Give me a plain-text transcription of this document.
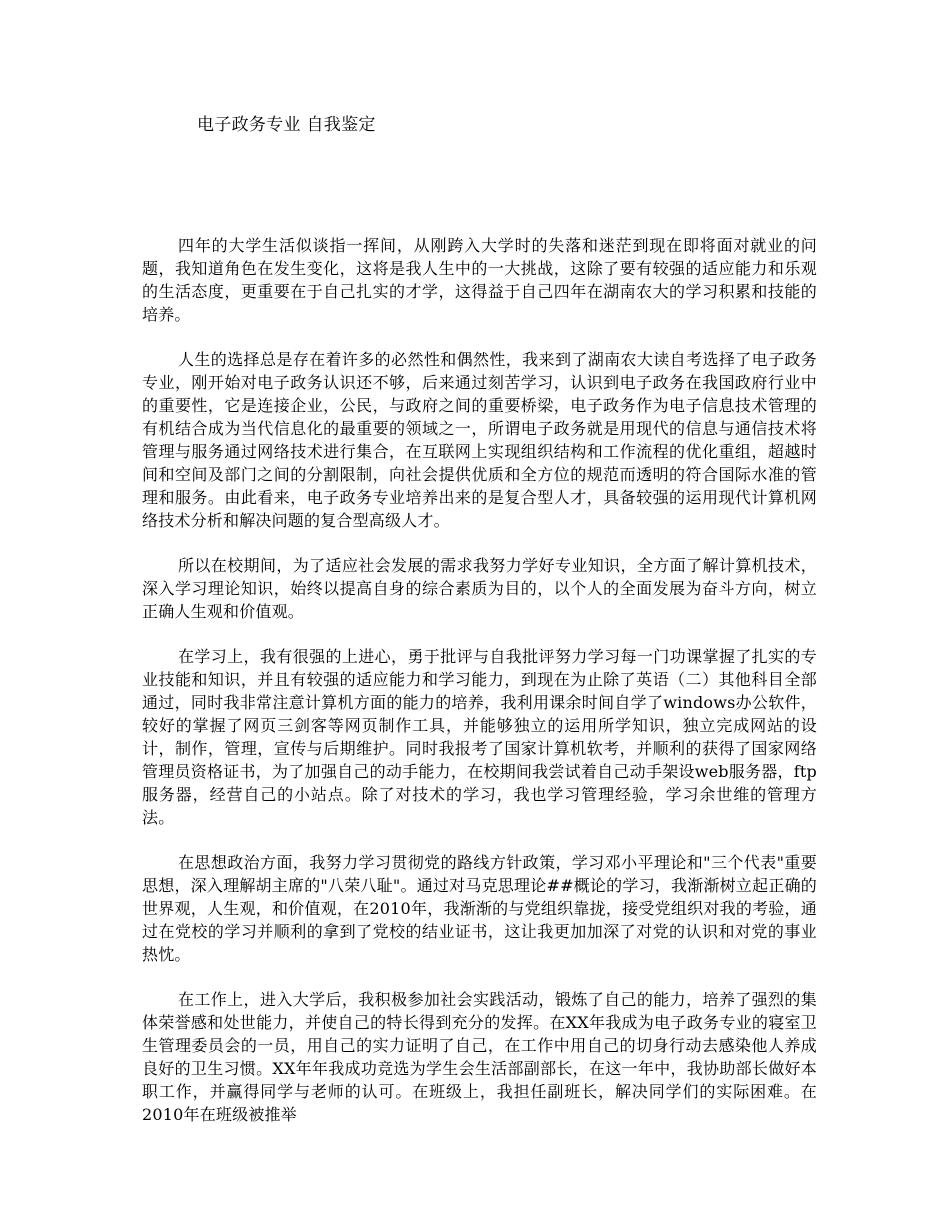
电子政务专业 自我鉴定

四年的大学生活似谈指一挥间，从刚跨入大学时的失落和迷茫到现在即将面对就业的问题，我知道角色在发生变化，这将是我人生中的一大挑战，这除了要有较强的适应能力和乐观的生活态度，更重要在于自己扎实的才学，这得益于自己四年在湖南农大的学习积累和技能的培养。

人生的选择总是存在着许多的必然性和偶然性，我来到了湖南农大读自考选择了电子政务专业，刚开始对电子政务认识还不够，后来通过刻苦学习，认识到电子政务在我国政府行业中的重要性，它是连接企业，公民，与政府之间的重要桥梁，电子政务作为电子信息技术管理的有机结合成为当代信息化的最重要的领域之一，所谓电子政务就是用现代的信息与通信技术将管理与服务通过网络技术进行集合，在互联网上实现组织结构和工作流程的优化重组，超越时间和空间及部门之间的分割限制，向社会提供优质和全方位的规范而透明的符合国际水准的管理和服务。由此看来，电子政务专业培养出来的是复合型人才，具备较强的运用现代计算机网络技术分析和解决问题的复合型高级人才。

所以在校期间，为了适应社会发展的需求我努力学好专业知识，全方面了解计算机技术，深入学习理论知识，始终以提高自身的综合素质为目的，以个人的全面发展为奋斗方向，树立正确人生观和价值观。

在学习上，我有很强的上进心，勇于批评与自我批评努力学习每一门功课掌握了扎实的专业技能和知识，并且有较强的适应能力和学习能力，到现在为止除了英语（二）其他科目全部通过，同时我非常注意计算机方面的能力的培养，我利用课余时间自学了windows办公软件，较好的掌握了网页三剑客等网页制作工具，并能够独立的运用所学知识，独立完成网站的设计，制作，管理，宣传与后期维护。同时我报考了国家计算机软考，并顺利的获得了国家网络管理员资格证书，为了加强自己的动手能力，在校期间我尝试着自己动手架设web服务器，ftp服务器，经营自己的小站点。除了对技术的学习，我也学习管理经验，学习余世维的管理方法。

在思想政治方面，我努力学习贯彻党的路线方针政策，学习邓小平理论和"三个代表"重要思想，深入理解胡主席的"八荣八耻"。通过对马克思理论##概论的学习，我渐渐树立起正确的世界观，人生观，和价值观，在2010年，我渐渐的与党组织靠拢，接受党组织对我的考验，通过在党校的学习并顺利的拿到了党校的结业证书，这让我更加加深了对党的认识和对党的事业热忱。

在工作上，进入大学后，我积极参加社会实践活动，锻炼了自己的能力，培养了强烈的集体荣誉感和处世能力，并使自己的特长得到充分的发挥。在XX年我成为电子政务专业的寝室卫生管理委员会的一员，用自己的实力证明了自己，在工作中用自己的切身行动去感染他人养成良好的卫生习惯。XX年年我成功竞选为学生会生活部副部长，在这一年中，我协助部长做好本职工作，并赢得同学与老师的认可。在班级上，我担任副班长，解决同学们的实际困难。在2010年在班级被推举
